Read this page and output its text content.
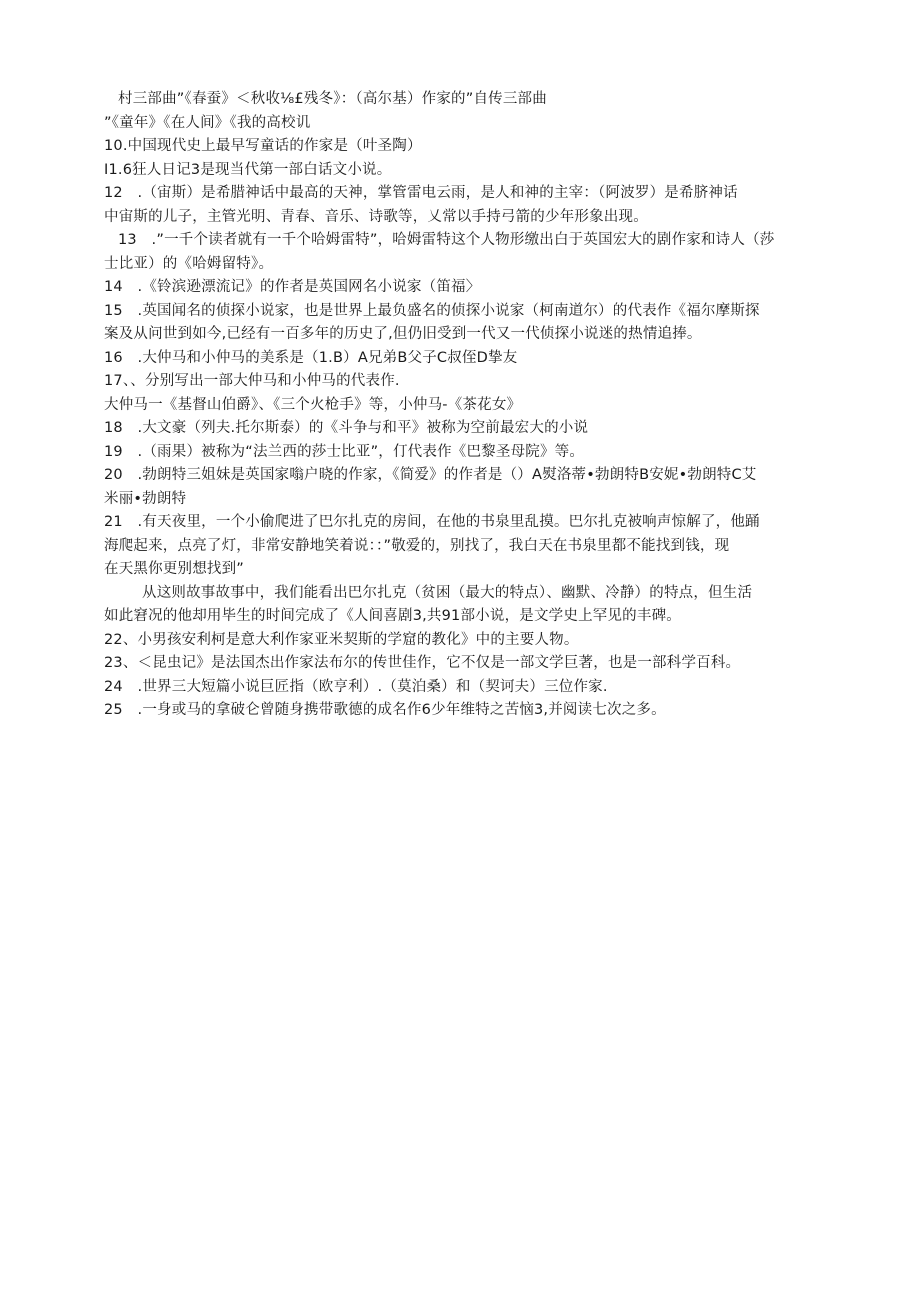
村三部曲”《春蚕》＜秋收⅛£残冬》：（高尔基）作家的”自传三部曲
”《童年》《在人间》《我的高校讥
10.中国现代史上最早写童话的作家是（叶圣陶）
I1.6狂人日记3是现当代第一部白话文小说。
12　.（宙斯）是希腊神话中最高的天神，掌管雷电云雨，是人和神的主宰：（阿波罗）是希脐神话
中宙斯的儿子，主管光明、青春、音乐、诗歌等，乂常以手持弓箭的少年形象出现。
13　.”一千个读者就有一千个哈姆雷特”，哈姆雷特这个人物形缴出白于英国宏大的剧作家和诗人（莎
士比亚）的《哈姆留特》。
14　.《铃滨逊漂流记》的作者是英国网名小说家（笛福〉
15　.英国闻名的侦探小说家，也是世界上最负盛名的侦探小说家（柯南道尔）的代表作《福尔摩斯探
案及从问世到如今,已经有一百多年的历史了,但仍旧受到一代又一代侦探小说迷的热情追捧。
16　.大仲马和小仲马的美系是（1.B）A兄弟B父子C叔侄D挚友
17、、分别写出一部大仲马和小仲马的代表作.
大仲马一《基督山伯爵》、《三个火枪手》等，小仲马-《茶花女》
18　.大文豪（列夫.托尔斯泰）的《斗争与和平》被称为空前最宏大的小说
19　.（雨果）被称为“法兰西的莎士比亚”，仃代表作《巴黎圣母院》等。
20　.勃朗特三姐妹是英国家嗡户晓的作家，《简爱》的作者是（）A熨洛蒂•勃朗特B安妮•勃朗特C艾
米丽•勃朗特
21　.有天夜里，一个小偷爬进了巴尔扎克的房间，在他的书泉里乱摸。巴尔扎克被响声惊解了，他踊
海爬起来，点亮了灯，非常安静地笑着说：：”敬爱的，别找了，我白天在书泉里都不能找到钱，现
在天黑你更别想找到”
从这则故事故事中，我们能看出巴尔扎克（贫困（最大的特点）、幽默、冷静）的特点，但生活
如此窘况的他却用毕生的时间完成了《人间喜剧3,共91部小说，是文学史上罕见的丰碑。
22、小男孩安利柯是意大利作家亚米契斯的学窟的教化》中的主要人物。
23、＜昆虫记》是法国杰出作家法布尔的传世佳作，它不仅是一部文学巨著，也是一部科学百科。
24　.世界三大短篇小说巨匠指（欧亨利）.（莫泊桑）和（契诃夫）三位作家.
25　.一身或马的拿破仑曾随身携带歌德的成名作6少年维特之苦恼3,并阅读七次之多。
